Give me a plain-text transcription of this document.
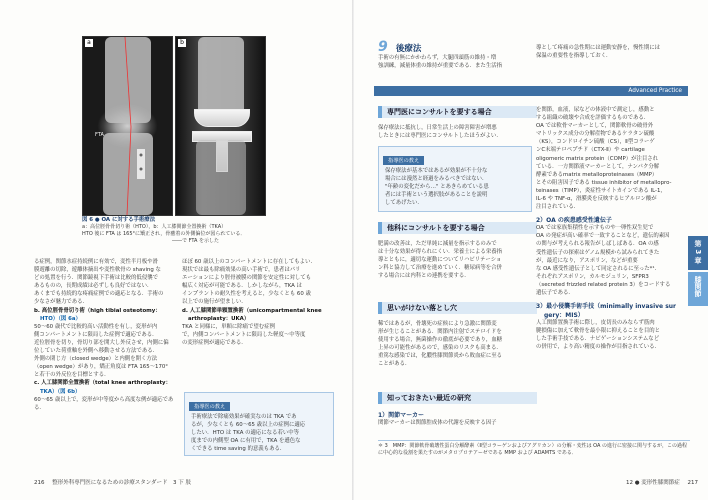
a
FTA
b

図 6 ● OA に対する手術療法

a：高位脛骨骨切り術（HTO），b：人工膝関節全置換術（TKA）

HTO 後に FTA は 165°に矯正され，骨癒着の外側偏位が図られている．

――で FTA を示した

る症例，関節水症持続例に有効で，変性半月板や滑

膜遊離の切除，遊離体摘出や変性軟骨の shaving な

どの処置を行う．関節鏡視下手術は比較的低侵襲で

あるものの，長期成績は必ずしも良好ではない．

あくまでも持続的な疼痛症例での適応となる．手術の

少なさが魅力である．

b. 高位脛骨骨切り術（high tibial osteotomy：

HTO）（図 6a）

50〜60 歳代で比較的高い活動性を有し，変形が内

側コンパートメントに限局した症例で適応である．

近位脛骨を切り，骨切り部を開大し外反させ，内側に偏

位していた荷重軸を外側へ移動させる方法である．

外側の閉じ方（closed wedge）と内側を開く方法

（open wedge）があり，矯正角度は FTA 165〜170°

と若干の外反位を目標とする．

c. 人工膝関節全置換術（total knee arthroplasty：

TKA）（図 6b）

60〜65 歳以上で，変形が中等度から高度な例が適応である．

ほぼ 60 歳以上のコンパートメントに存在してもよい．

現状では最も除痛効果の高い手術で，患者はパリ

エーションにより脛骨被膜の関節を安定性に対しても

幅広く対応が可能である．しかしながら，TKA は

インプラントの耐久性を考えると，少なくとも 60 歳

以上での施行が望ましい．

d. 人工膝関節単顆置換術（unicompartmental knee

arthroplasty：UKA）

TKA と同様に，単顆に除痛で望む症例

で，内側コンパートメントに限局した軽度〜中等度

の変形症例が適応である．

指導医の教え

手術療法で除痛効果が確実なのは TKA であ

るが，少なくとも 60〜65 歳以上の症例に適応

したい．HTO は TKA の適応になる若い中等

度までの内側型 OA に有用で，TKA を遜色な

くできる time saving 的意義もある．

216 整形外科専門医になるための診療スタンダード　3 下 肢
9 後療法

手術の有無にかかわらず，大腿四頭筋の維持・増

強訓練，減量体重の維持が重要である．また生活指

導として疼痛の急性期には運動安静を，慢性期には

保温の重要性を指導しておく．

Advanced Practice
専門医にコンサルトを要する場合

保存療法に抵抗し，日常生活上の障害障害が増悪

したときには専門医にコンサルトしたほうがよい．

指導医の教え

保存療法が基本ではあるが効果が不十分な

場合には漫然と経過をみるべきではない．

"年齢の変化だから…" とあきらめている患

者には手術という選択肢があることを説明

してあげたい．

他科にコンサルトを要する場合

肥満の改善は，ただ単純に減量を指示するのみで

は十分な効果が得られにくい．栄養士による栄養指

導とともに，適切な運動についてリハビリテーショ

ン科と協力して治療を進めていく．糖尿病等を合併

する場合には内科との連携を要する．

思いがけない落とし穴

稀ではあるが，骨壊死の症候により急激に関節変

形が生じることがある．関節内注射でステロイドを

使用する場合，無菌操作の徹底が必要であり，血糖

上昇の可能性があるので，感染のリスクも高まる．

重篤な感染では，化膿性膝関節炎から敗血症に至る

ことがある．

知っておきたい最近の研究

1）関節マーカー

関節マーカーは関節腔成体の代謝を反映する因子

を関節，血液，尿などの体液中で測定し，感動と

する組織の破壊や合成を評価するものである．

OA では軟骨マーカーとして，関節軟骨の破骨外

マトリックス成分の分解産物であるケラタン硫酸

（KS），コンドロイチン硫酸（CS），Ⅱ型コラーゲ

ンC末端テロペプチド（CTX-Ⅱ）や cartilage

oligomeric matrix protein（COMP）が注目され

ている．一方関節液マーカーとして，ナンパク分解

酵素であるmatrix metalloproteinases（MMP）

とその阻害因子である tissue inhibitor of metallopro-

teinases（TIMP），炎症性サイトカインである IL-1，

IL-6 や TNF-α，滑膜炎を反映するヒアルロン酸が

注目されている．

2）OA の疾患感受性遺伝子

OA では家族集積性を示すものや一卵性双生児で

OA の発症が高い確率で一致することなど，遺伝的素因

の関与が考えられる報告がしばしばある．OA の感

受性遺伝子の探索はゲノム規模から試みられてきた

が，最近になり，アスポリン，などが重要

な OA 感受性遺伝子として同定されるに至った*¹．

それぞれアスポリン，カルモジュリン，SFPR3

（secreted frizzled related protein 3）をコードする

遺伝子である．

3）最小侵襲手術手技（minimally invasive sur

gery：MIS）

人工関節置換手術に際し，皮切長のみならず筋肉

腱損傷に加えて軟骨を最小限に抑えることを目的と

した手術手技である．ナビゲーションシステムなど

の併用で，より高い精度の操作が目指されている．

＊ 3　MMP：関節軟骨破壊性蛋白分解酵素（Ⅱ型コラーゲンおよびアグリカン）の分解・変性は OA の進行に密接に関与するが，この過程に中心的な役割を果たすのがメタロプロテアーゼである MMP および ADAMTS である．

12 ● 変形性膝関節症 217
第 3 章
膝関節
